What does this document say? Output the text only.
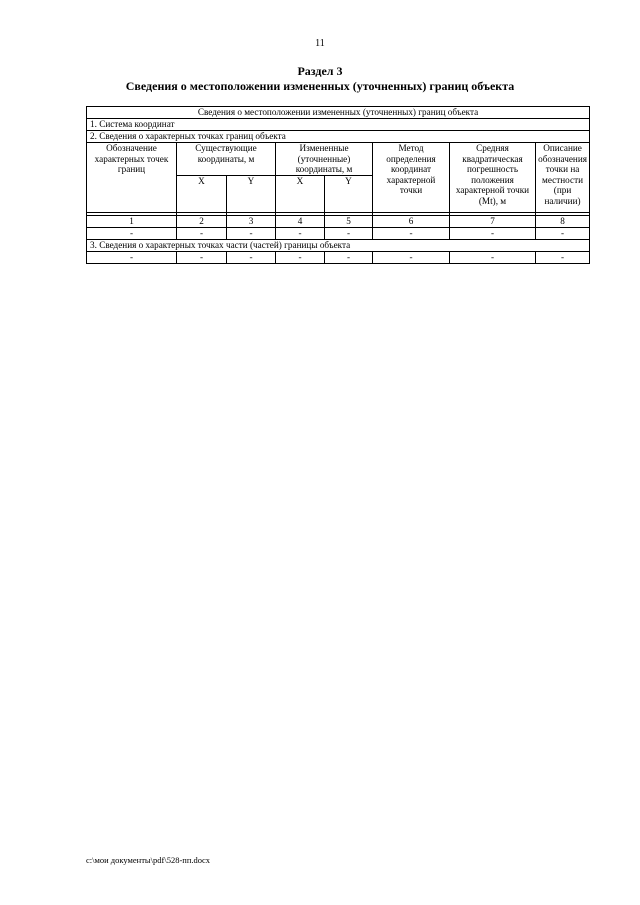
11
Раздел 3
Сведения о местоположении измененных (уточненных) границ объекта
Сведения о местоположении измененных (уточненных) границ объекта							
1. Система координат							
2. Сведения о характерных точках границ объекта							
Обозначение характерных точек границ	Существующие координаты, м		Измененные (уточненные) координаты, м		Метод определения координат характерной точки	Средняя квадратическая погрешность положения характерной точки (Mt), м	Описание обозначения точки на местности (при наличии)
	X	Y	X	Y			

1	2	3	4	5	6	7	8
-	-	-	-	-	-	-	-
3. Сведения о характерных точках части (частей) границы объекта							
-	-	-	-	-	-	-	-
c:\мои документы\pdf\528-пп.docx
